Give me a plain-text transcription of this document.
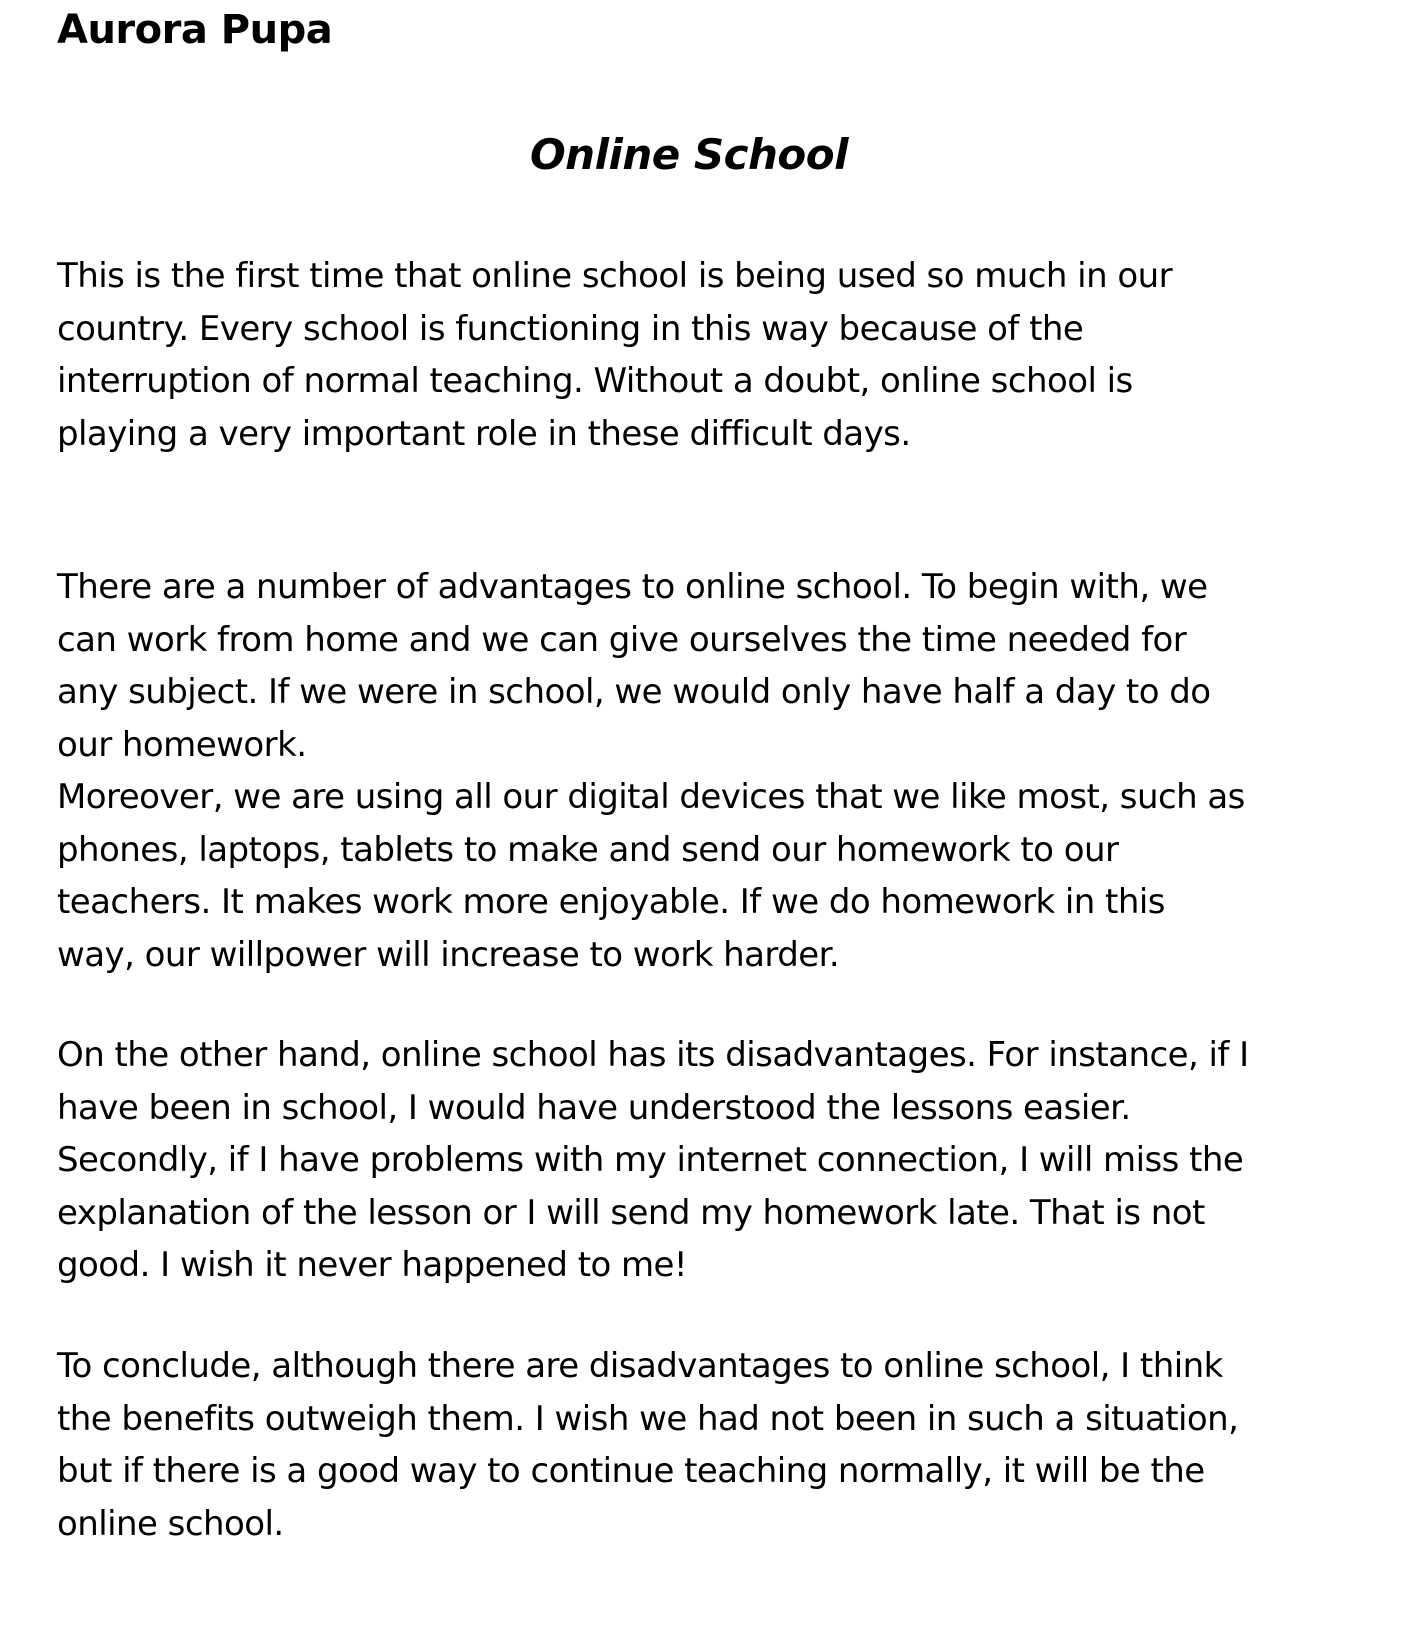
Aurora Pupa
Online School

This is the first time that online school is being used so much in our
country. Every school is functioning in this way because of the
interruption of normal teaching. Without a doubt, online school is
playing a very important role in these difficult days.

There are a number of advantages to online school. To begin with, we
can work from home and we can give ourselves the time needed for
any subject. If we were in school, we would only have half a day to do
our homework.
Moreover, we are using all our digital devices that we like most, such as
phones, laptops, tablets to make and send our homework to our
teachers. It makes work more enjoyable. If we do homework in this
way, our willpower will increase to work harder.

On the other hand, online school has its disadvantages. For instance, if I
have been in school, I would have understood the lessons easier.
Secondly, if I have problems with my internet connection, I will miss the
explanation of the lesson or I will send my homework late. That is not
good. I wish it never happened to me!

To conclude, although there are disadvantages to online school, I think
the benefits outweigh them. I wish we had not been in such a situation,
but if there is a good way to continue teaching normally, it will be the
online school.
